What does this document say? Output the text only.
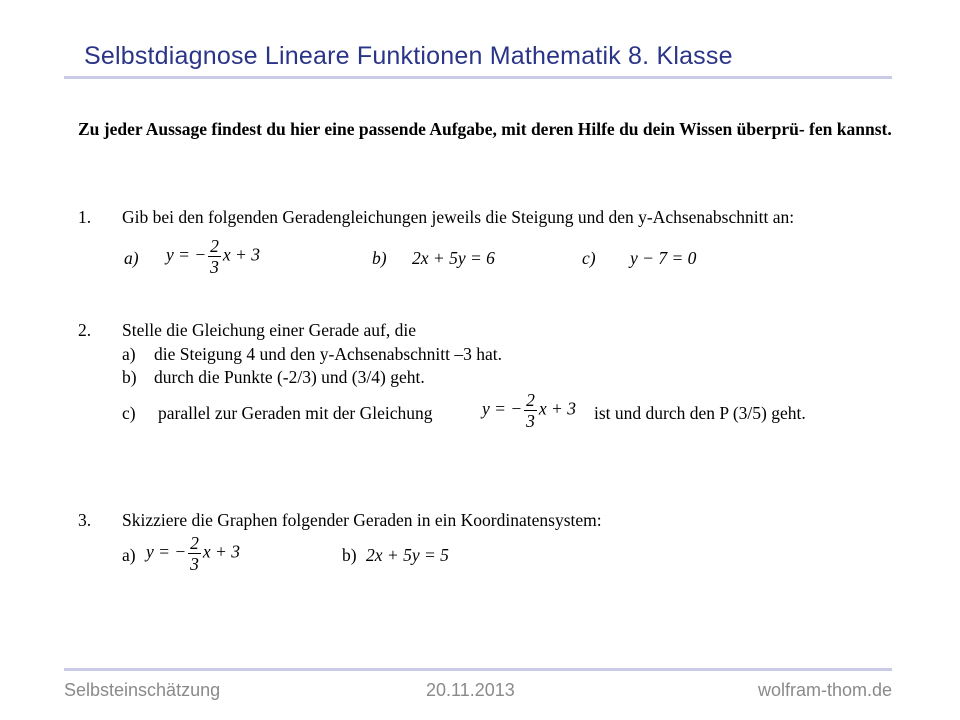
Selbstdiagnose Lineare Funktionen Mathematik 8. Klasse
Zu jeder Aussage findest du hier eine passende Aufgabe, mit deren Hilfe du dein Wissen überprü- fen kannst.
1. Gib bei den folgenden Geradengleichungen jeweils die Steigung und den y-Achsenabschnitt an:
a) y = − $\frac{2}{3}$ x + 3	b) 2x + 5y = 6	c) y − 7 = 0
2. Stelle die Gleichung einer Gerade auf, die
a) die Steigung 4 und den y-Achsenabschnitt –3 hat.
b) durch die Punkte (-2/3) und (3/4) geht.
c) parallel zur Geraden mit der Gleichung	y = − $\frac{2}{3}$ x + 3 ist und durch den P (3/5) geht.
3. Skizziere die Graphen folgender Geraden in ein Koordinatensystem:
a) y = − $\frac{2}{3}$ x + 3	b) 2x + 5y = 5
Selbsteinschätzung	20.11.2013	wolfram-thom.de
